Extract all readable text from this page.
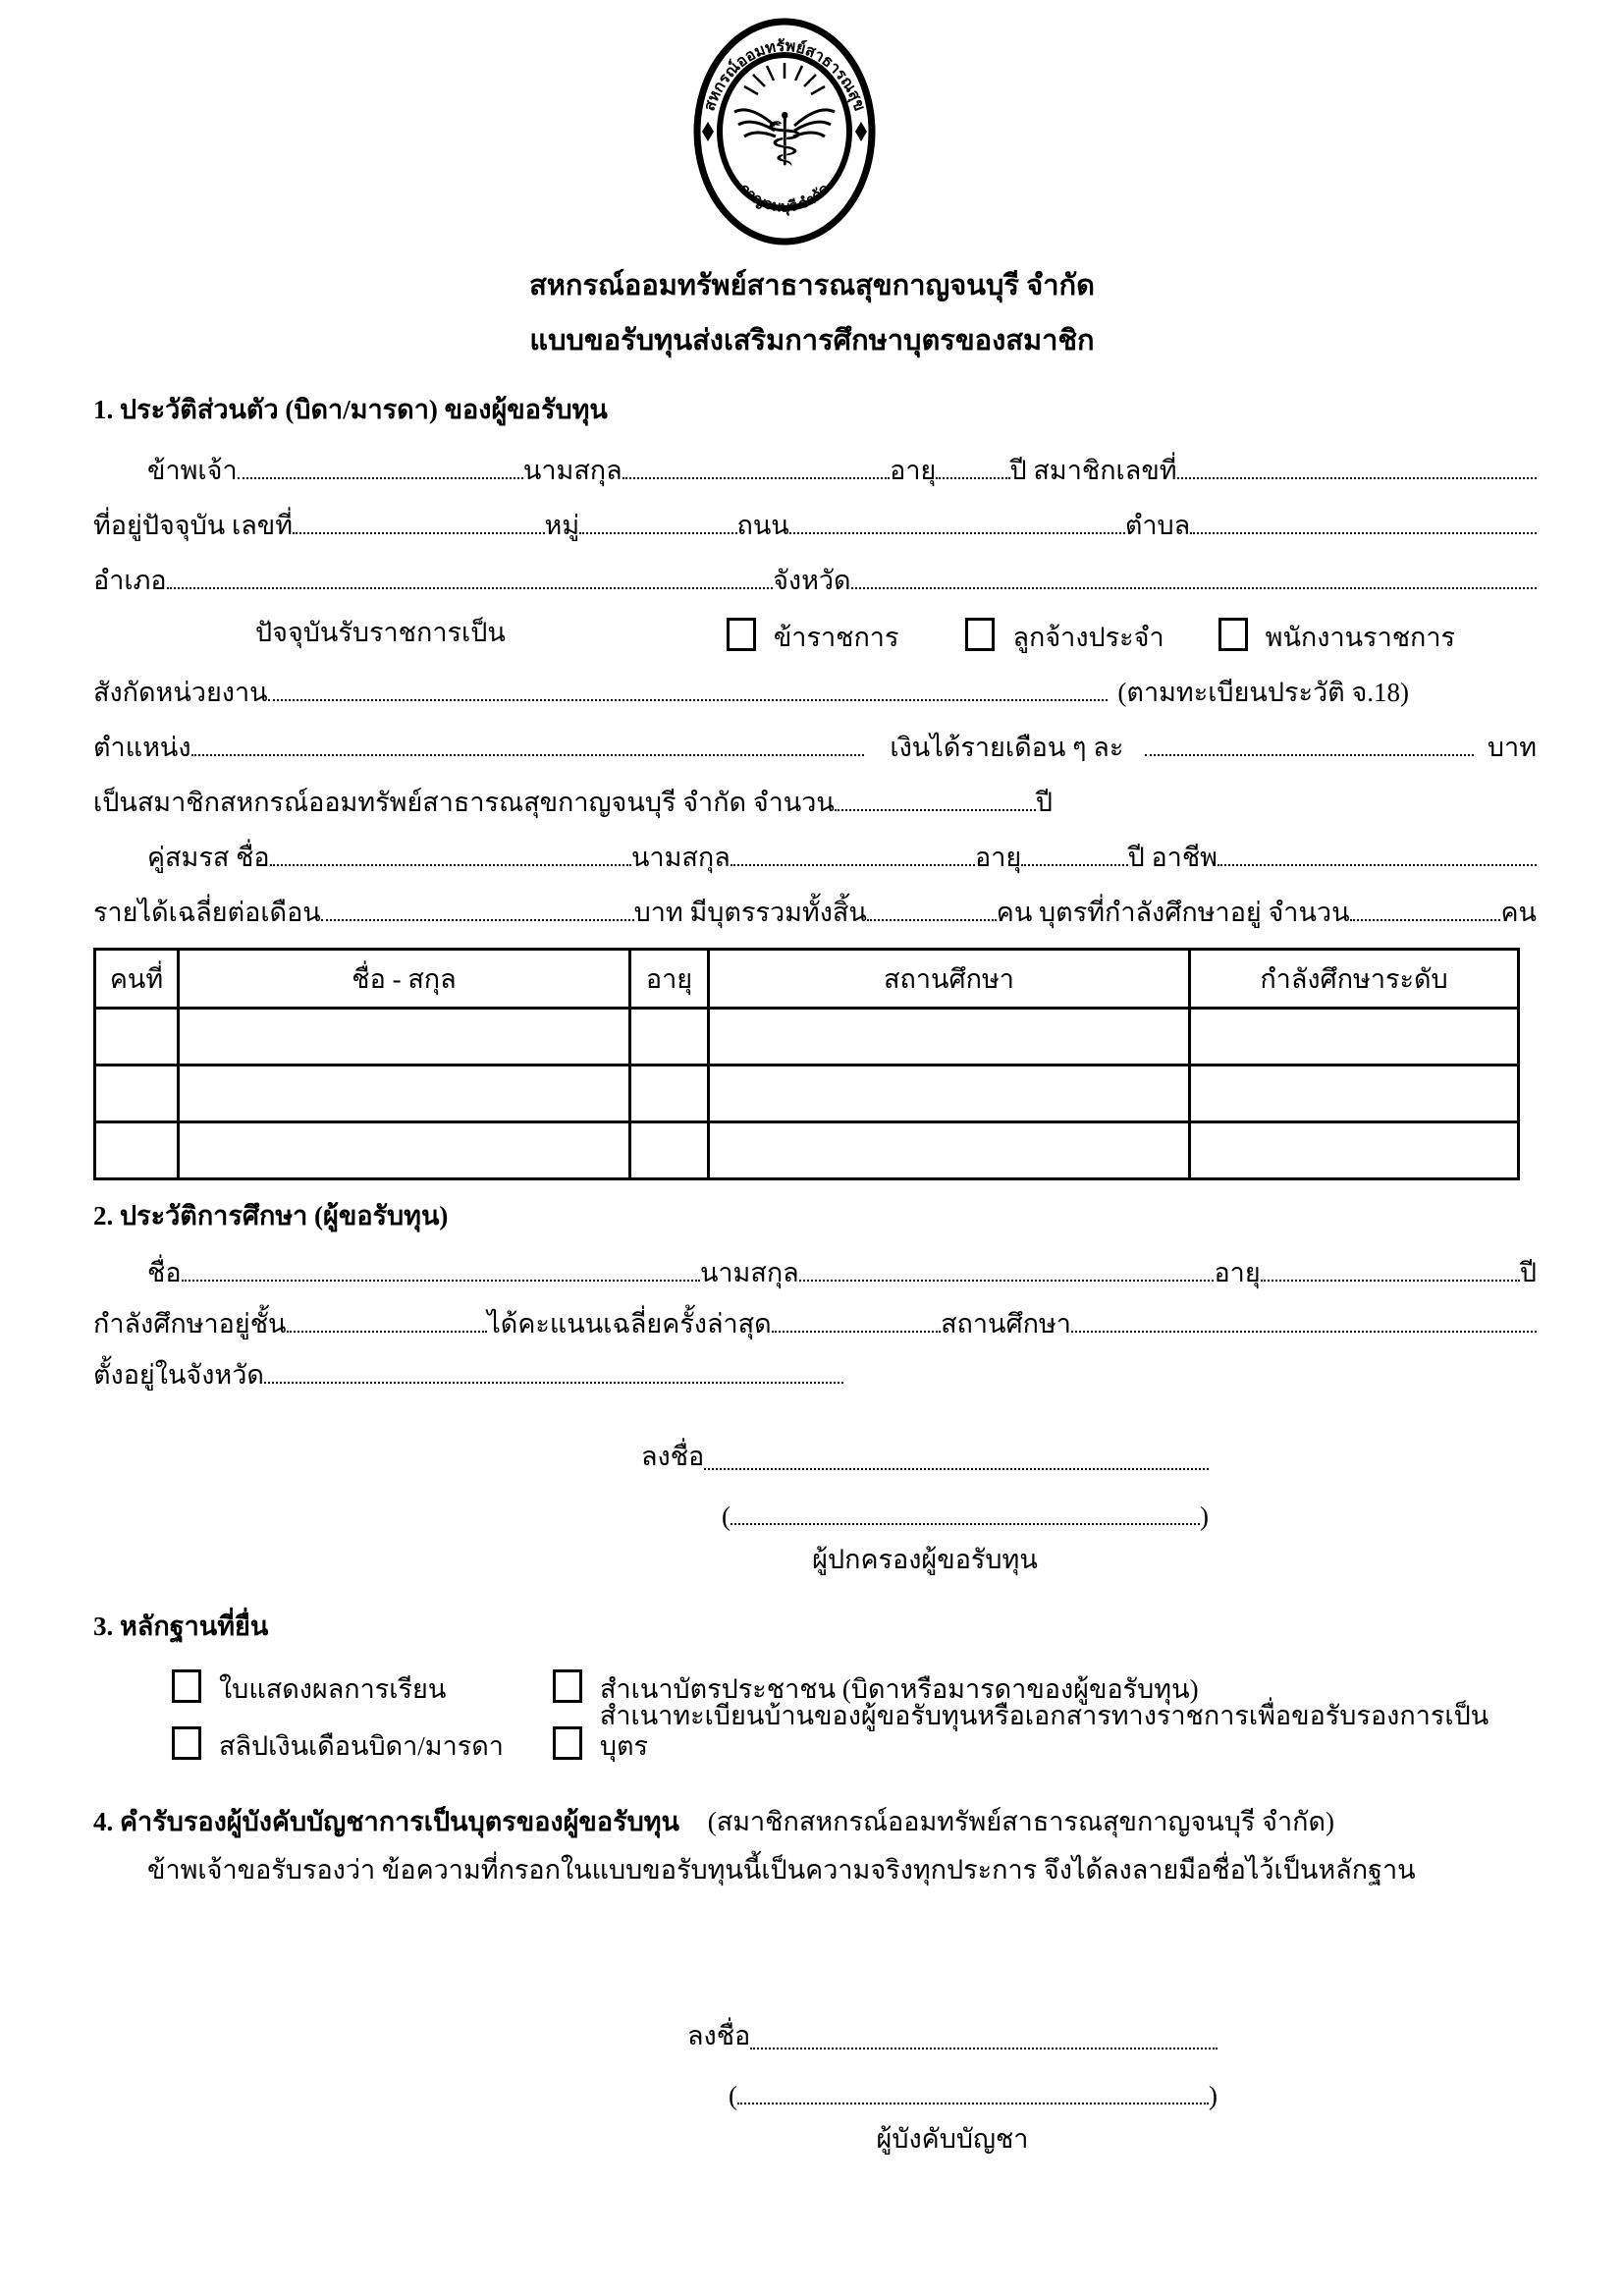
สหกรณ์ออมทรัพย์สาธารณสุข
กาญจนบุรี จำกัด
⚕
สหกรณ์ออมทรัพย์สาธารณสุขกาญจนบุรี จำกัด
แบบขอรับทุนส่งเสริมการศึกษาบุตรของสมาชิก
1. ประวัติส่วนตัว (บิดา/มารดา) ของผู้ขอรับทุน
ข้าพเจ้า	นามสกุล	อายุ	ปี สมาชิกเลขที่
ที่อยู่ปัจจุบัน เลขที่	หมู่	ถนน	ตำบล
อำเภอ	จังหวัด
ปัจจุบันรับราชการเป็น	ข้าราชการ	ลูกจ้างประจำ	พนักงานราชการ
สังกัดหน่วยงาน	(ตามทะเบียนประวัติ จ.18)
ตำแหน่ง	เงินได้รายเดือน ๆ ละ	บาท
เป็นสมาชิกสหกรณ์ออมทรัพย์สาธารณสุขกาญจนบุรี จำกัด จำนวน	ปี
คู่สมรส ชื่อ	นามสกุล	อายุ	ปี อาชีพ
รายได้เฉลี่ยต่อเดือน	บาท มีบุตรรวมทั้งสิ้น	คน บุตรที่กำลังศึกษาอยู่ จำนวน	คน
คนที่	ชื่อ - สกุล	อายุ	สถานศึกษา	กำลังศึกษาระดับ

2. ประวัติการศึกษา (ผู้ขอรับทุน)
ชื่อ	นามสกุล	อายุ	ปี
กำลังศึกษาอยู่ชั้น	ได้คะแนนเฉลี่ยครั้งล่าสุด	สถานศึกษา
ตั้งอยู่ในจังหวัด
ลงชื่อ
(	)
ผู้ปกครองผู้ขอรับทุน
3. หลักฐานที่ยื่น
ใบแสดงผลการเรียน	สำเนาบัตรประชาชน (บิดาหรือมารดาของผู้ขอรับทุน)
สลิปเงินเดือนบิดา/มารดา
สำเนาทะเบียนบ้านของผู้ขอรับทุนหรือเอกสารทางราชการเพื่อขอรับรองการเป็นบุตร
4. คำรับรองผู้บังคับบัญชาการเป็นบุตรของผู้ขอรับทุน (สมาชิกสหกรณ์ออมทรัพย์สาธารณสุขกาญจนบุรี จำกัด)
ข้าพเจ้าขอรับรองว่า ข้อความที่กรอกในแบบขอรับทุนนี้เป็นความจริงทุกประการ จึงได้ลงลายมือชื่อไว้เป็นหลักฐาน
ลงชื่อ
(	)
ผู้บังคับบัญชา
